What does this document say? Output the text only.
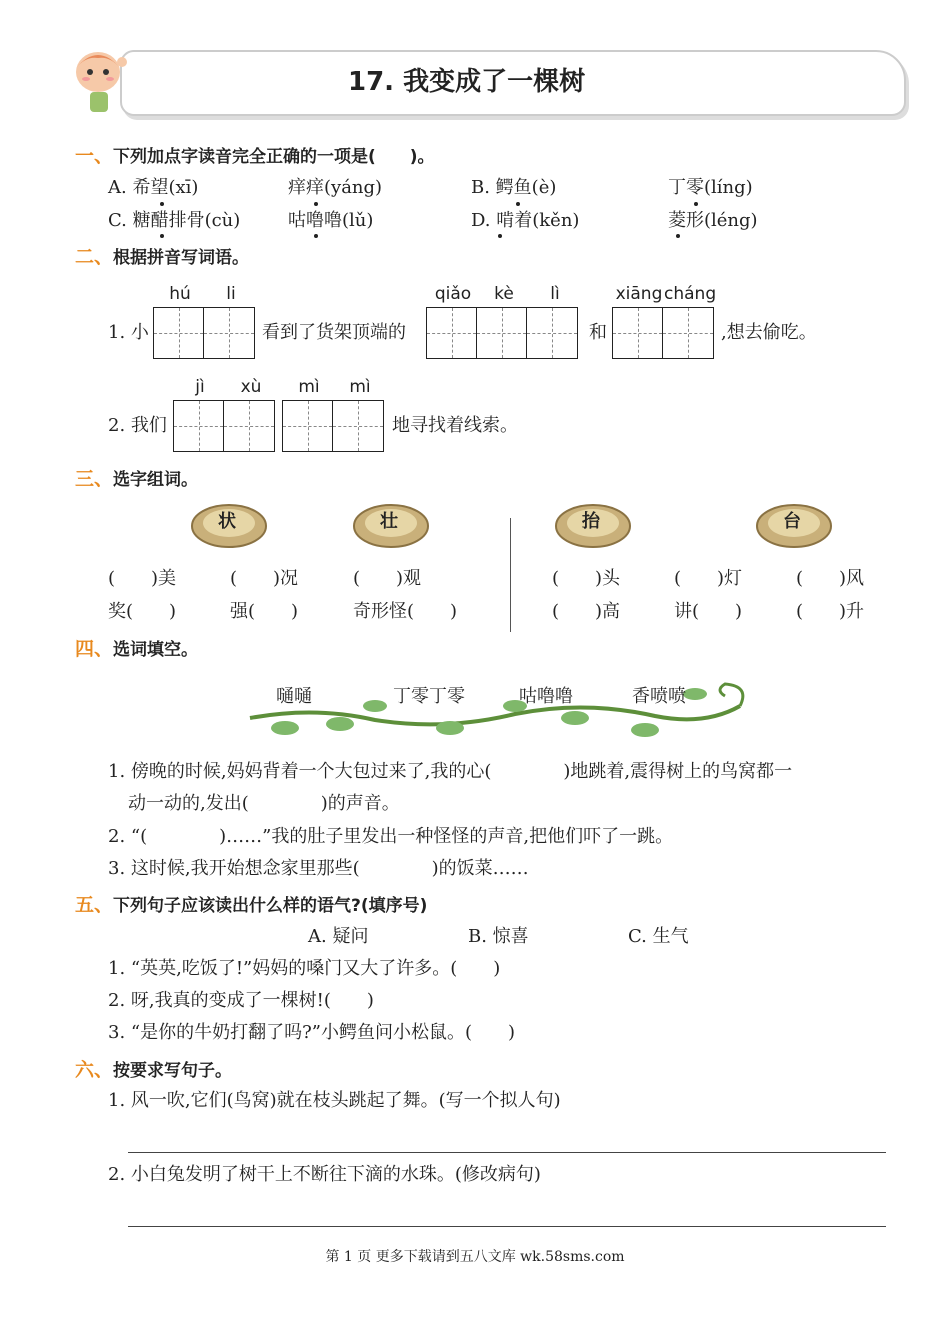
17. 我变成了一棵树
一、下列加点字读音完全正确的一项是(　　)。
A. 希望(xī)	痒痒(yáng)	B. 鳄鱼(è)	丁零(líng)
C. 糖醋排骨(cù)	咕噜噜(lǔ)	D. 啃着(kěn)	菱形(léng)
二、根据拼音写词语。
1. 小
hú	li
看到了货架顶端的
qiǎo	kè	lì
和
xiāng cháng
,想去偷吃。
2. 我们
jì	xù	mì	mì
地寻找着线索。
三、选字组词。
状	壮	抬	台
(　　)美	(　　)况	(　　)观	(　　)头	(　　)灯	(　　)风
奖(　　)	强(　　)	奇形怪(　　)	(　　)高	讲(　　)	(　　)升
四、选词填空。
嗵嗵	丁零丁零	咕噜噜	香喷喷
1. 傍晚的时候,妈妈背着一个大包过来了,我的心(　　　　)地跳着,震得树上的鸟窝都一
动一动的,发出(　　　　)的声音。
2. “(　　　　)……”我的肚子里发出一种怪怪的声音,把他们吓了一跳。
3. 这时候,我开始想念家里那些(　　　　)的饭菜……
五、下列句子应该读出什么样的语气?(填序号)
A. 疑问	B. 惊喜	C. 生气
1. “英英,吃饭了!”妈妈的嗓门又大了许多。(　　)
2. 呀,我真的变成了一棵树!(　　)
3. “是你的牛奶打翻了吗?”小鳄鱼问小松鼠。(　　)
六、按要求写句子。
1. 风一吹,它们(鸟窝)就在枝头跳起了舞。(写一个拟人句)
2. 小白兔发明了树干上不断往下滴的水珠。(修改病句)
第 1 页 更多下载请到五八文库 wk.58sms.com
